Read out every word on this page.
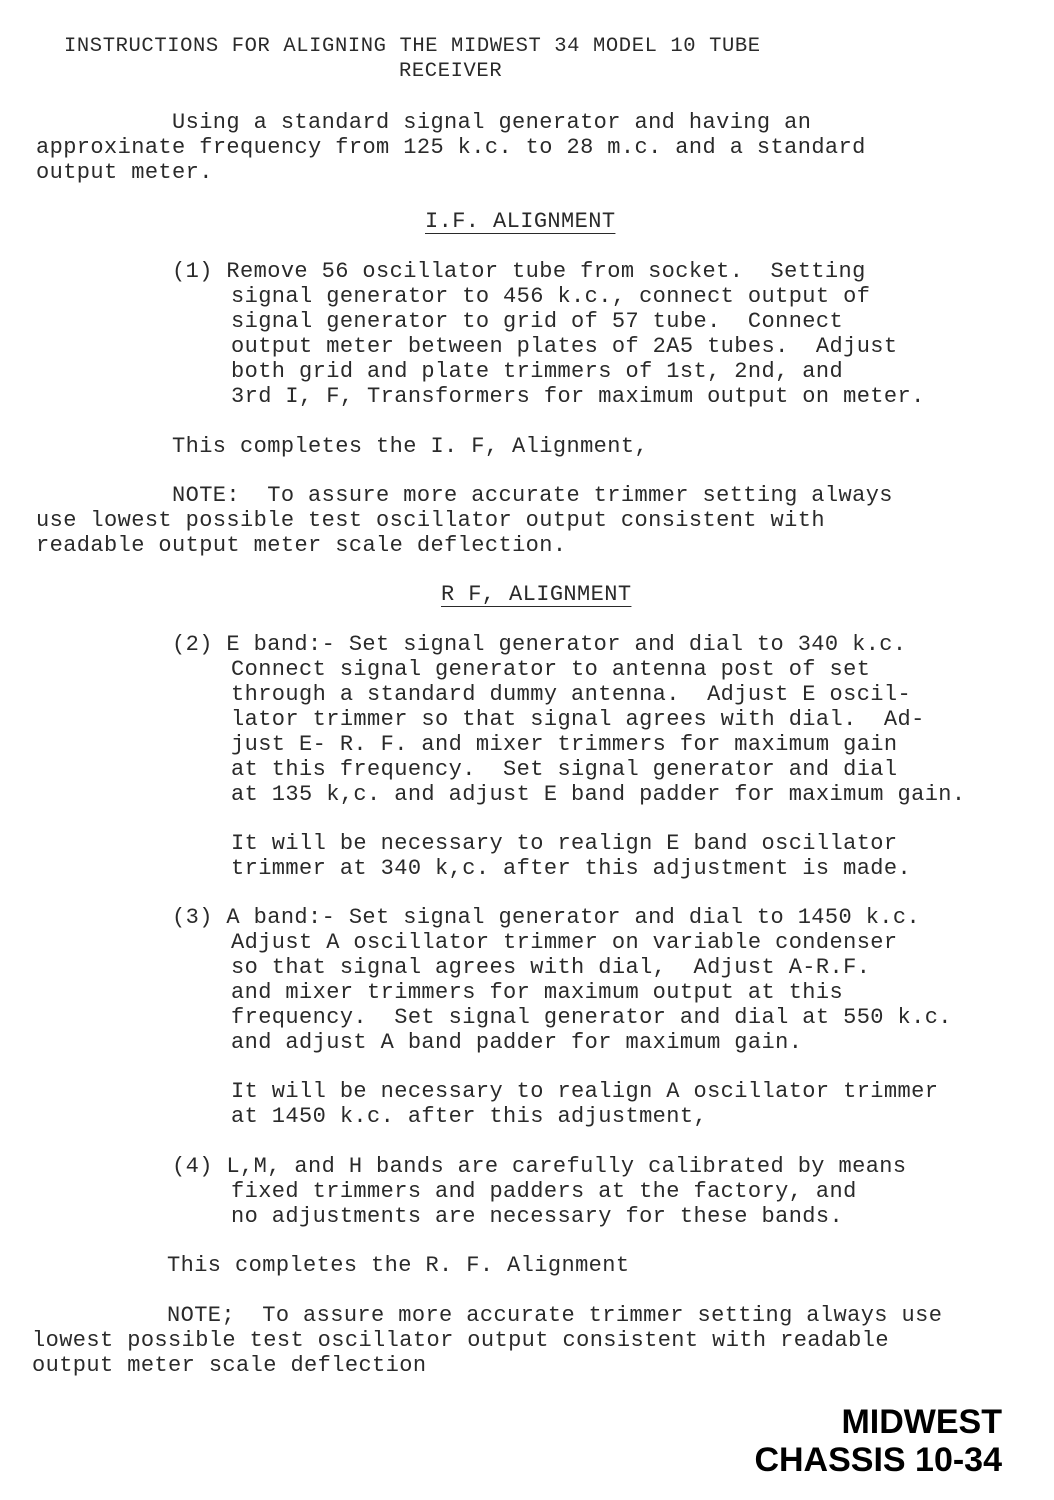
INSTRUCTIONS FOR ALIGNING THE MIDWEST 34 MODEL 10 TUBE
RECEIVER
Using a standard signal generator and having an
approxinate frequency from 125 k.c. to 28 m.c. and a standard
output meter.
I.F. ALIGNMENT
(1) Remove 56 oscillator tube from socket.  Setting
signal generator to 456 k.c., connect output of
signal generator to grid of 57 tube.  Connect
output meter between plates of 2A5 tubes.  Adjust
both grid and plate trimmers of 1st, 2nd, and
3rd I, F, Transformers for maximum output on meter.
This completes the I. F, Alignment,
NOTE:  To assure more accurate trimmer setting always
use lowest possible test oscillator output consistent with
readable output meter scale deflection.
R F, ALIGNMENT
(2) E band:- Set signal generator and dial to 340 k.c.
Connect signal generator to antenna post of set
through a standard dummy antenna.  Adjust E oscil-
lator trimmer so that signal agrees with dial.  Ad-
just E- R. F. and mixer trimmers for maximum gain
at this frequency.  Set signal generator and dial
at 135 k,c. and adjust E band padder for maximum gain.
It will be necessary to realign E band oscillator
trimmer at 340 k,c. after this adjustment is made.
(3) A band:- Set signal generator and dial to 1450 k.c.
Adjust A oscillator trimmer on variable condenser
so that signal agrees with dial,  Adjust A-R.F.
and mixer trimmers for maximum output at this
frequency.  Set signal generator and dial at 550 k.c.
and adjust A band padder for maximum gain.
It will be necessary to realign A oscillator trimmer
at 1450 k.c. after this adjustment,
(4) L,M, and H bands are carefully calibrated by means
fixed trimmers and padders at the factory, and
no adjustments are necessary for these bands.
This completes the R. F. Alignment
NOTE;  To assure more accurate trimmer setting always use
lowest possible test oscillator output consistent with readable
output meter scale deflection
MIDWEST
CHASSIS 10-34
